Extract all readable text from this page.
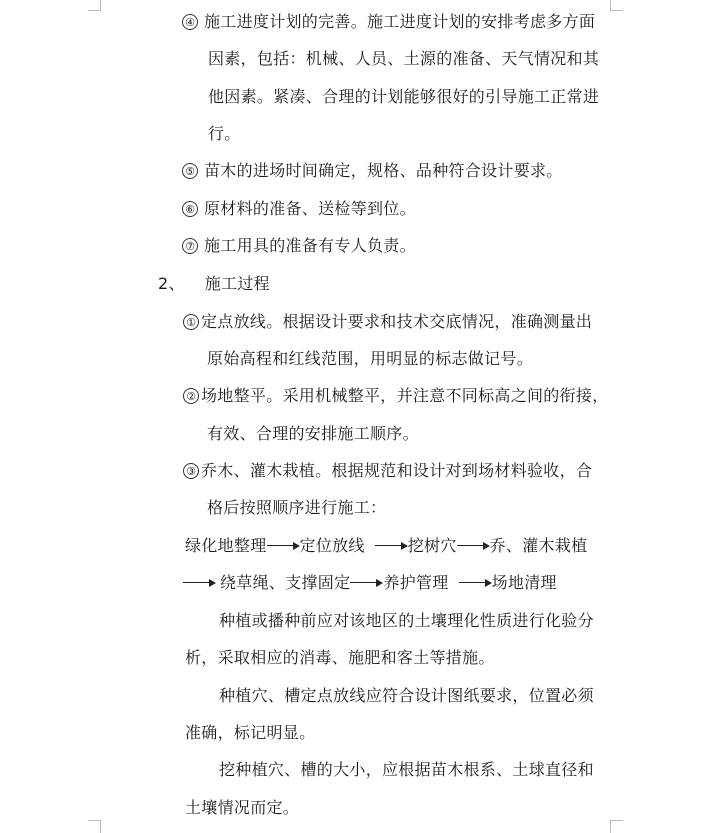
④ 施工进度计划的完善。施工进度计划的安排考虑多方面
因素，包括：机械、人员、土源的准备、天气情况和其
他因素。紧凑、合理的计划能够很好的引导施工正常进
行。
⑤ 苗木的进场时间确定，规格、品种符合设计要求。
⑥ 原材料的准备、送检等到位。
⑦ 施工用具的准备有专人负责。
2、 施工过程
① 定点放线。根据设计要求和技术交底情况，准确测量出
原始高程和红线范围，用明显的标志做记号。
② 场地整平。采用机械整平，并注意不同标高之间的衔接，
有效、合理的安排施工顺序。
③ 乔木、灌木栽植。根据规范和设计对到场材料验收，合
格后按照顺序进行施工：
绿化地整理 定位放线	挖树穴 乔、灌木栽植
绕草绳、支撑固定 养护管理	场地清理
种植或播种前应对该地区的土壤理化性质进行化验分
析，采取相应的消毒、施肥和客土等措施。
种植穴、槽定点放线应符合设计图纸要求，位置必须
准确，标记明显。
挖种植穴、槽的大小，应根据苗木根系、土球直径和
土壤情况而定。
